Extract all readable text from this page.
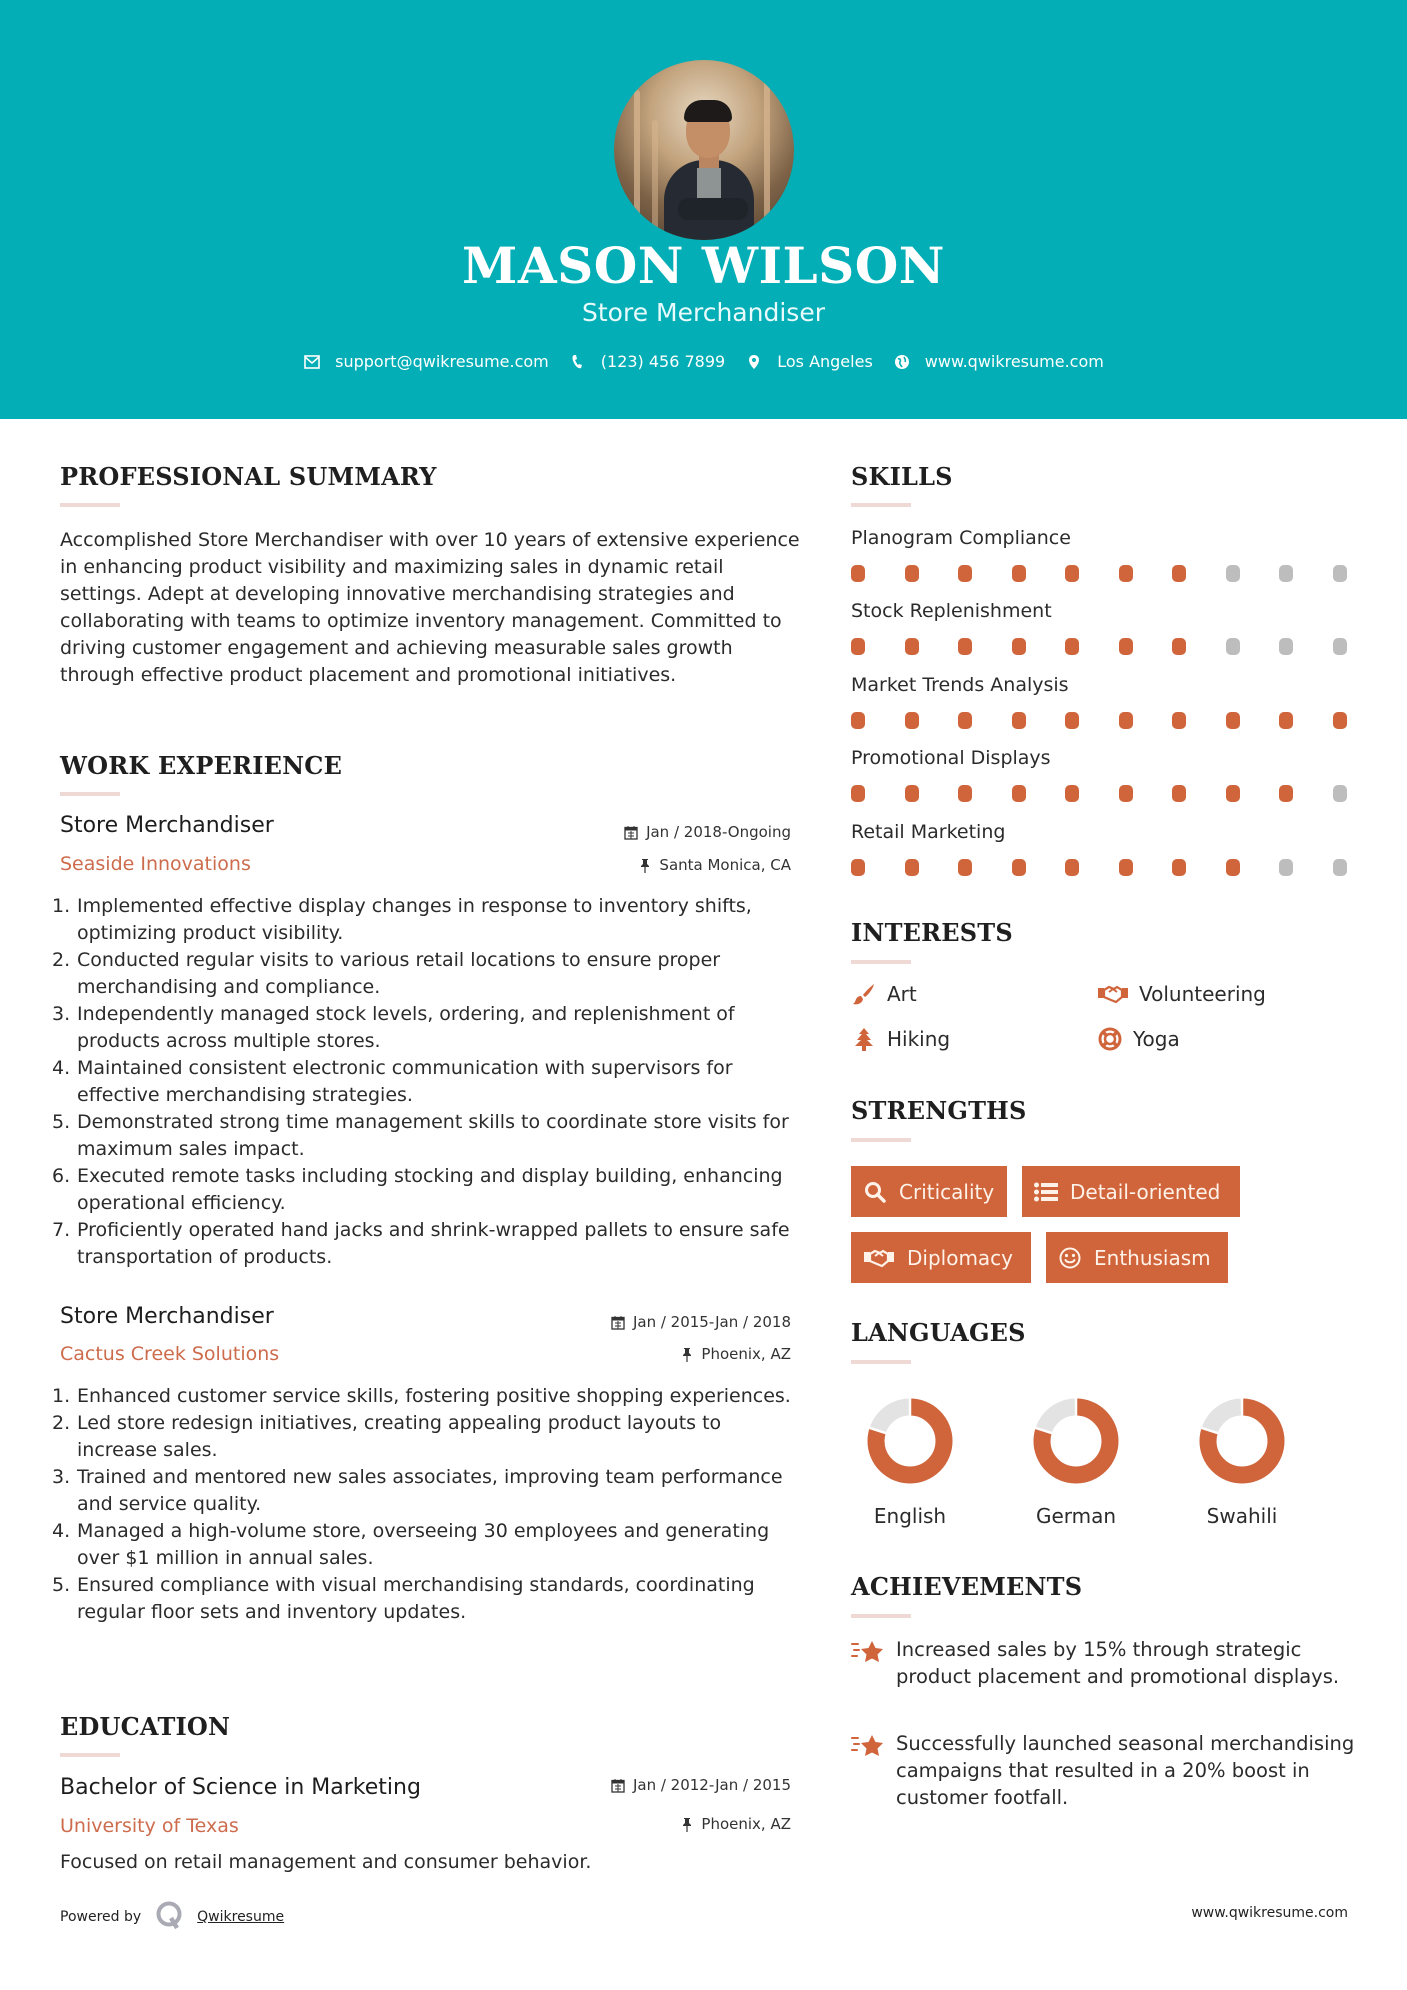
MASON WILSON
Store Merchandiser
support@qwikresume.com	(123) 456 7899	Los Angeles	www.qwikresume.com
PROFESSIONAL SUMMARY
Accomplished Store Merchandiser with over 10 years of extensive experience in enhancing product visibility and maximizing sales in dynamic retail settings. Adept at developing innovative merchandising strategies and collaborating with teams to optimize inventory management. Committed to driving customer engagement and achieving measurable sales growth through effective product placement and promotional initiatives.
WORK EXPERIENCE
Store Merchandiser
Seaside Innovations
Jan / 2018-Ongoing
Santa Monica, CA
Implemented effective display changes in response to inventory shifts, optimizing product visibility.
Conducted regular visits to various retail locations to ensure proper merchandising and compliance.
Independently managed stock levels, ordering, and replenishment of products across multiple stores.
Maintained consistent electronic communication with supervisors for effective merchandising strategies.
Demonstrated strong time management skills to coordinate store visits for maximum sales impact.
Executed remote tasks including stocking and display building, enhancing operational efficiency.
Proficiently operated hand jacks and shrink-wrapped pallets to ensure safe transportation of products.
Store Merchandiser
Cactus Creek Solutions
Jan / 2015-Jan / 2018
Phoenix, AZ
Enhanced customer service skills, fostering positive shopping experiences.
Led store redesign initiatives, creating appealing product layouts to increase sales.
Trained and mentored new sales associates, improving team performance and service quality.
Managed a high-volume store, overseeing 30 employees and generating over $1 million in annual sales.
Ensured compliance with visual merchandising standards, coordinating regular floor sets and inventory updates.
EDUCATION
Bachelor of Science in Marketing
University of Texas
Jan / 2012-Jan / 2015
Phoenix, AZ
Focused on retail management and consumer behavior.
SKILLS
Planogram Compliance
Stock Replenishment
Market Trends Analysis
Promotional Displays
Retail Marketing
INTERESTS
Art	Volunteering
Hiking	Yoga
STRENGTHS
Criticality	Detail-oriented
Diplomacy	Enthusiasm
LANGUAGES
English	German	Swahili
ACHIEVEMENTS
Increased sales by 15% through strategic product placement and promotional displays.
Successfully launched seasonal merchandising campaigns that resulted in a 20% boost in customer footfall.
Powered by	Qwikresume	www.qwikresume.com
